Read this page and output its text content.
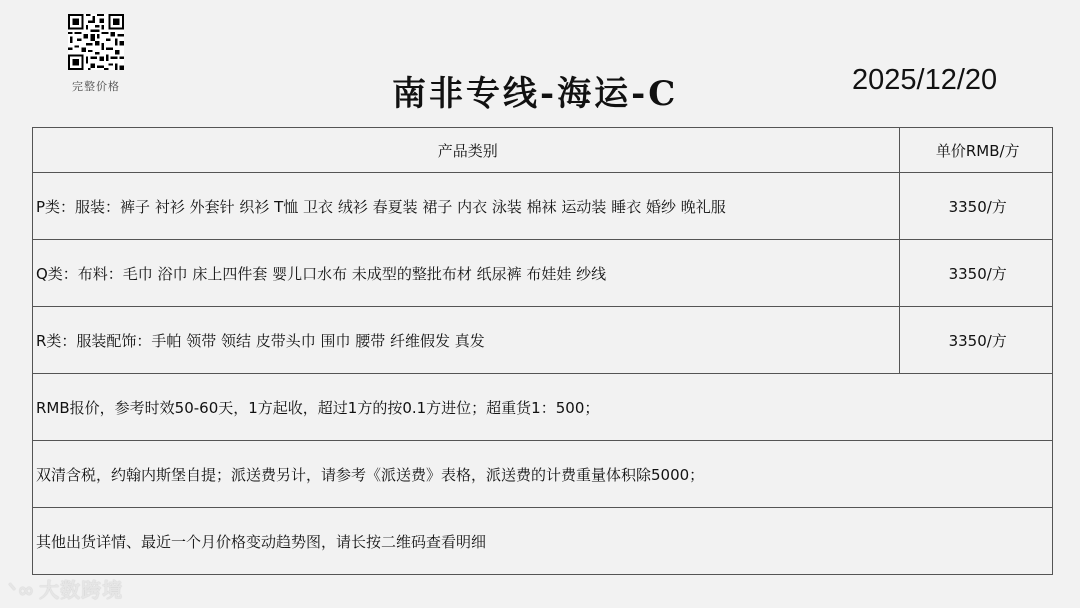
完整价格	南非专线-海运-C	2025/12/20
产品类别	单价RMB/方
P类：服装：裤子 衬衫 外套针 织衫 T恤 卫衣 绒衫 春夏装 裙子 内衣 泳装 棉袜 运动装 睡衣 婚纱 晚礼服	3350/方
Q类：布料：毛巾 浴巾 床上四件套 婴儿口水布 未成型的整批布材 纸尿裤 布娃娃 纱线	3350/方
R类：服装配饰：手帕 领带 领结 皮带头巾 围巾 腰带 纤维假发 真发	3350/方
RMB报价，参考时效50-60天，1方起收，超过1方的按0.1方进位；超重货1：500；	
双清含税，约翰内斯堡自提；派送费另计，请参考《派送费》表格，派送费的计费重量体积除5000；	
其他出货详情、最近一个月价格变动趋势图，请长按二维码查看明细	
ᐠ∞ 大数跨境
